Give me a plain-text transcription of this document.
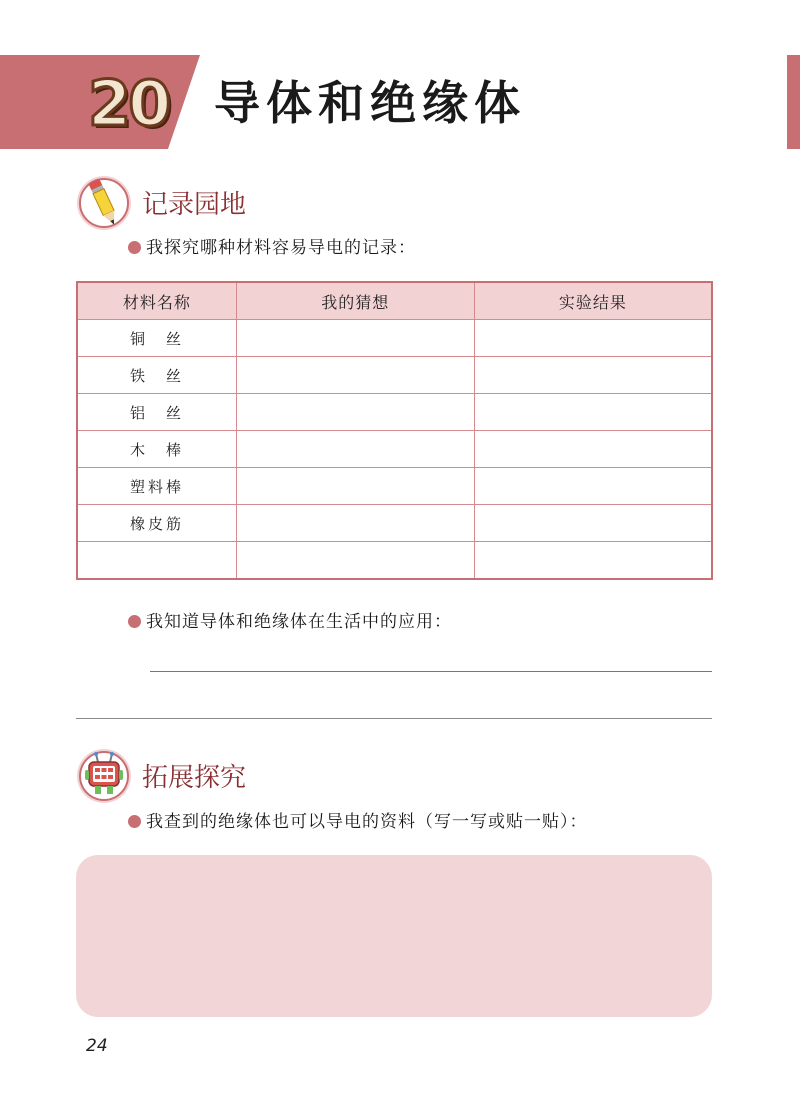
20 导体和绝缘体
记录园地
我探究哪种材料容易导电的记录：
材料名称	我的猜想	实验结果
铜　丝		
铁　丝		
铝　丝		
木　棒		
塑料棒		
橡皮筋		

我知道导体和绝缘体在生活中的应用：
拓展探究
我查到的绝缘体也可以导电的资料（写一写或贴一贴）：
24
